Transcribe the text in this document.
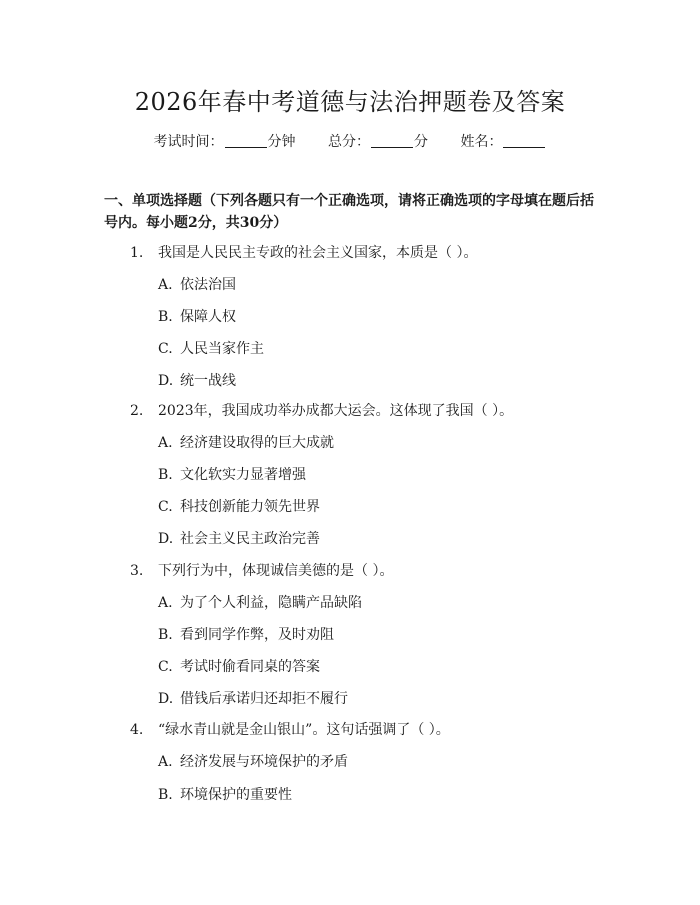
2026年春中考道德与法治押题卷及答案
考试时间：	分钟 总分：	分 姓名：

一、单项选择题（下列各题只有一个正确选项，请将正确选项的字母填在题后括号内。每小题2分，共30分）

1. 我国是人民民主专政的社会主义国家，本质是（ ）。
A. 依法治国
B. 保障人权
C. 人民当家作主
D. 统一战线
2. 2023年，我国成功举办成都大运会。这体现了我国（ ）。
A. 经济建设取得的巨大成就
B. 文化软实力显著增强
C. 科技创新能力领先世界
D. 社会主义民主政治完善
3. 下列行为中，体现诚信美德的是（ ）。
A. 为了个人利益，隐瞒产品缺陷
B. 看到同学作弊，及时劝阻
C. 考试时偷看同桌的答案
D. 借钱后承诺归还却拒不履行
4. “绿水青山就是金山银山”。这句话强调了（ ）。
A. 经济发展与环境保护的矛盾
B. 环境保护的重要性
